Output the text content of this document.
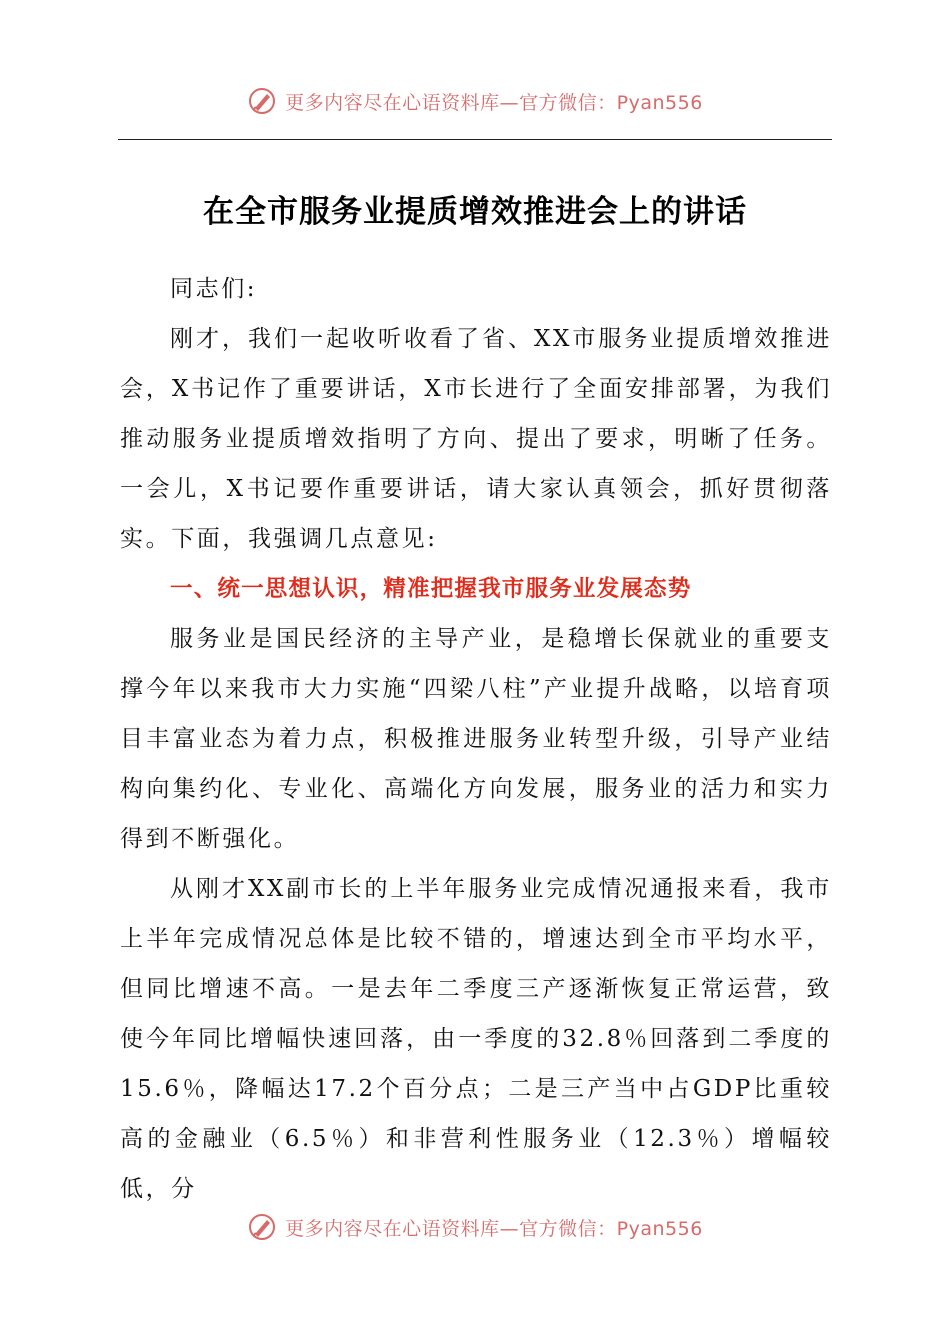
更多内容尽在心语资料库—官方微信：Pyan556
在全市服务业提质增效推进会上的讲话

同志们:

刚才，我们一起收听收看了省、XX市服务业提质增效推进会，X书记作了重要讲话，X市长进行了全面安排部署，为我们推动服务业提质增效指明了方向、提出了要求，明晰了任务。一会儿，X书记要作重要讲话，请大家认真领会，抓好贯彻落实。下面，我强调几点意见:

一、统一思想认识，精准把握我市服务业发展态势

服务业是国民经济的主导产业，是稳增长保就业的重要支撑今年以来我市大力实施“四梁八柱”产业提升战略，以培育项目丰富业态为着力点，积极推进服务业转型升级，引导产业结构向集约化、专业化、高端化方向发展，服务业的活力和实力得到不断强化。

从刚才XX副市长的上半年服务业完成情况通报来看，我市上半年完成情况总体是比较不错的，增速达到全市平均水平，但同比增速不高。一是去年二季度三产逐渐恢复正常运营，致使今年同比增幅快速回落，由一季度的32.8％回落到二季度的15.6％，降幅达17.2个百分点；二是三产当中占GDP比重较高的金融业（6.5％）和非营利性服务业（12.3％）增幅较低，分

更多内容尽在心语资料库—官方微信：Pyan556
